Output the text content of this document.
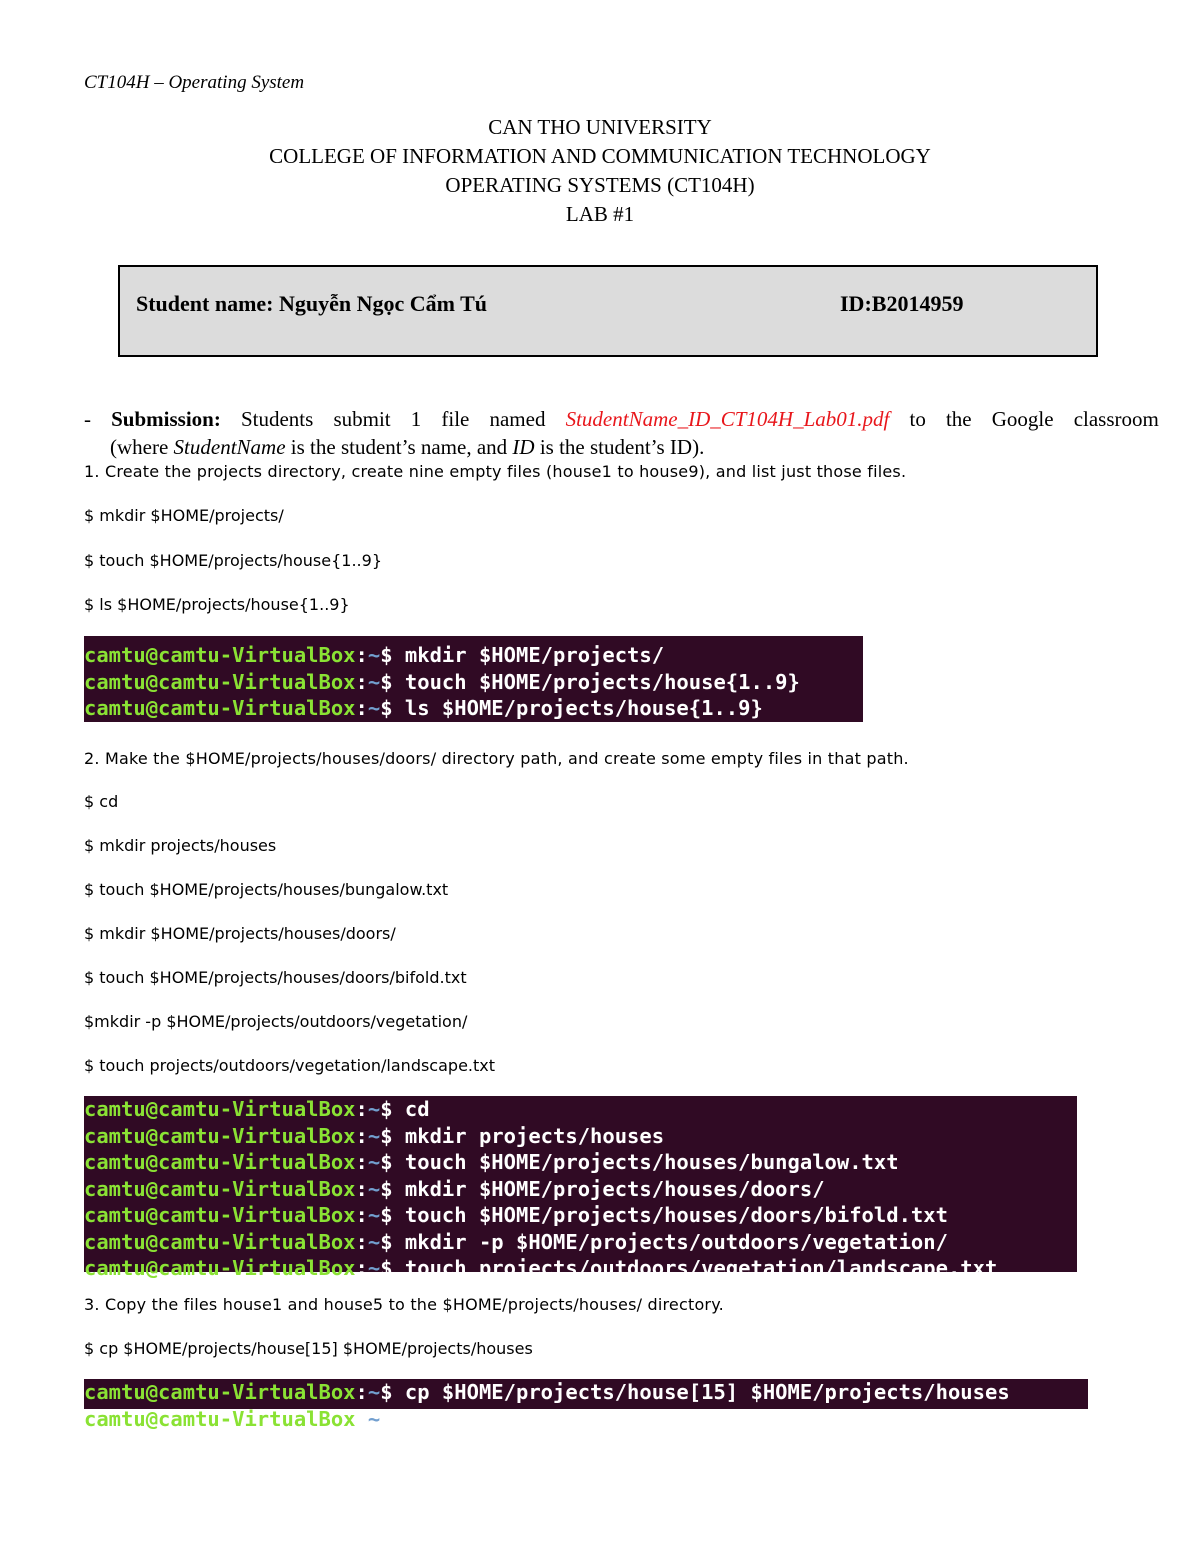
CT104H – Operating System
CAN THO UNIVERSITY
COLLEGE OF INFORMATION AND COMMUNICATION TECHNOLOGY
OPERATING SYSTEMS (CT104H)
LAB #1
Student name: Nguyễn Ngọc Cẩm Tú	ID:B2014959
- Submission: Students submit 1 file named StudentName_ID_CT104H_Lab01.pdf to the Google classroom
(where StudentName is the student’s name, and ID is the student’s ID).
1. Create the projects directory, create nine empty files (house1 to house9), and list just those files.
$ mkdir $HOME/projects/
$ touch $HOME/projects/house{1..9}
$ ls $HOME/projects/house{1..9}
camtu@camtu-VirtualBox:~$ mkdir $HOME/projects/
camtu@camtu-VirtualBox:~$ touch $HOME/projects/house{1..9}
camtu@camtu-VirtualBox:~$ ls $HOME/projects/house{1..9}
2. Make the $HOME/projects/houses/doors/ directory path, and create some empty files in that path.
$ cd
$ mkdir projects/houses
$ touch $HOME/projects/houses/bungalow.txt
$ mkdir $HOME/projects/houses/doors/
$ touch $HOME/projects/houses/doors/bifold.txt
$mkdir -p $HOME/projects/outdoors/vegetation/
$ touch projects/outdoors/vegetation/landscape.txt
camtu@camtu-VirtualBox:~$ cd
camtu@camtu-VirtualBox:~$ mkdir projects/houses
camtu@camtu-VirtualBox:~$ touch $HOME/projects/houses/bungalow.txt
camtu@camtu-VirtualBox:~$ mkdir $HOME/projects/houses/doors/
camtu@camtu-VirtualBox:~$ touch $HOME/projects/houses/doors/bifold.txt
camtu@camtu-VirtualBox:~$ mkdir -p $HOME/projects/outdoors/vegetation/
camtu@camtu-VirtualBox:~$ touch projects/outdoors/vegetation/landscape.txt
3. Copy the files house1 and house5 to the $HOME/projects/houses/ directory.
$ cp $HOME/projects/house[15] $HOME/projects/houses
camtu@camtu-VirtualBox:~$ cp $HOME/projects/house[15] $HOME/projects/houses
camtu@camtu-VirtualBox:~$
